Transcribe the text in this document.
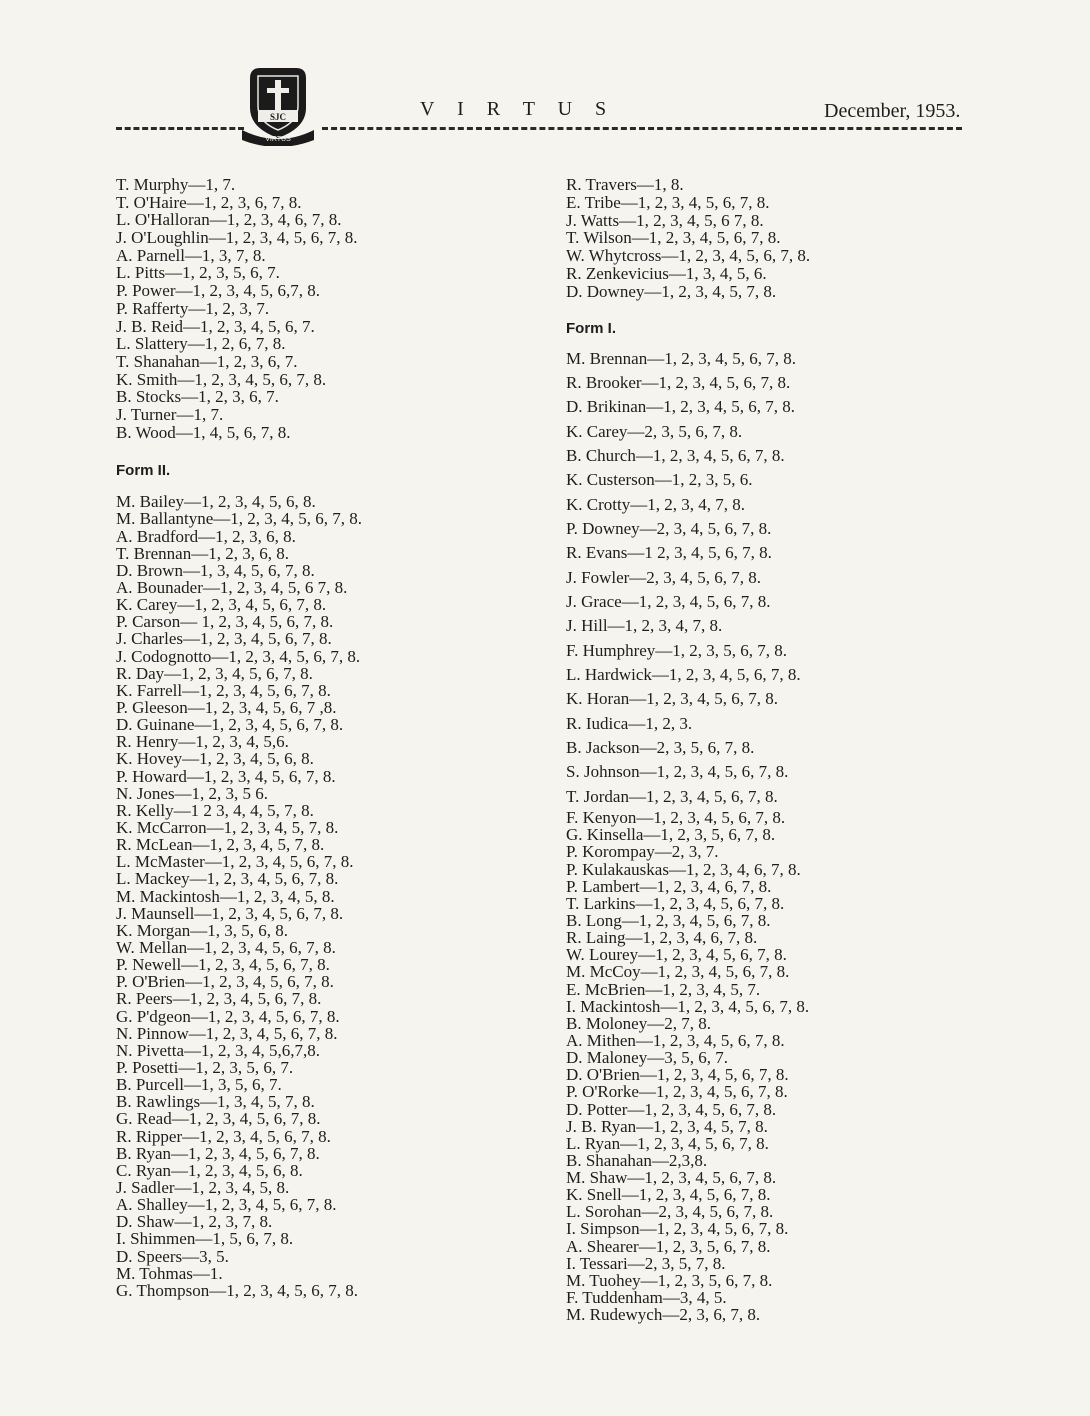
SJC
VIRTUS
V I R T U S	December, 1953.
T. Murphy—1, 7.
T. O'Haire—1, 2, 3, 6, 7, 8.
L. O'Halloran—1, 2, 3, 4, 6, 7, 8.
J. O'Loughlin—1, 2, 3, 4, 5, 6, 7, 8.
A. Parnell—1, 3, 7, 8.
L. Pitts—1, 2, 3, 5, 6, 7.
P. Power—1, 2, 3, 4, 5, 6,7, 8.
P. Rafferty—1, 2, 3, 7.
J. B. Reid—1, 2, 3, 4, 5, 6, 7.
L. Slattery—1, 2, 6, 7, 8.
T. Shanahan—1, 2, 3, 6, 7.
K. Smith—1, 2, 3, 4, 5, 6, 7, 8.
B. Stocks—1, 2, 3, 6, 7.
J. Turner—1, 7.
B. Wood—1, 4, 5, 6, 7, 8.
Form II.
M. Bailey—1, 2, 3, 4, 5, 6, 8.
M. Ballantyne—1, 2, 3, 4, 5, 6, 7, 8.
A. Bradford—1, 2, 3, 6, 8.
T. Brennan—1, 2, 3, 6, 8.
D. Brown—1, 3, 4, 5, 6, 7, 8.
A. Bounader—1, 2, 3, 4, 5, 6 7, 8.
K. Carey—1, 2, 3, 4, 5, 6, 7, 8.
P. Carson— 1, 2, 3, 4, 5, 6, 7, 8.
J. Charles—1, 2, 3, 4, 5, 6, 7, 8.
J. Codognotto—1, 2, 3, 4, 5, 6, 7, 8.
R. Day—1, 2, 3, 4, 5, 6, 7, 8.
K. Farrell—1, 2, 3, 4, 5, 6, 7, 8.
P. Gleeson—1, 2, 3, 4, 5, 6, 7 ,8.
D. Guinane—1, 2, 3, 4, 5, 6, 7, 8.
R. Henry—1, 2, 3, 4, 5,6.
K. Hovey—1, 2, 3, 4, 5, 6, 8.
P. Howard—1, 2, 3, 4, 5, 6, 7, 8.
N. Jones—1, 2, 3, 5 6.
R. Kelly—1 2 3, 4, 4, 5, 7, 8.
K. McCarron—1, 2, 3, 4, 5, 7, 8.
R. McLean—1, 2, 3, 4, 5, 7, 8.
L. McMaster—1, 2, 3, 4, 5, 6, 7, 8.
L. Mackey—1, 2, 3, 4, 5, 6, 7, 8.
M. Mackintosh—1, 2, 3, 4, 5, 8.
J. Maunsell—1, 2, 3, 4, 5, 6, 7, 8.
K. Morgan—1, 3, 5, 6, 8.
W. Mellan—1, 2, 3, 4, 5, 6, 7, 8.
P. Newell—1, 2, 3, 4, 5, 6, 7, 8.
P. O'Brien—1, 2, 3, 4, 5, 6, 7, 8.
R. Peers—1, 2, 3, 4, 5, 6, 7, 8.
G. P'dgeon—1, 2, 3, 4, 5, 6, 7, 8.
N. Pinnow—1, 2, 3, 4, 5, 6, 7, 8.
N. Pivetta—1, 2, 3, 4, 5,6,7,8.
P. Posetti—1, 2, 3, 5, 6, 7.
B. Purcell—1, 3, 5, 6, 7.
B. Rawlings—1, 3, 4, 5, 7, 8.
G. Read—1, 2, 3, 4, 5, 6, 7, 8.
R. Ripper—1, 2, 3, 4, 5, 6, 7, 8.
B. Ryan—1, 2, 3, 4, 5, 6, 7, 8.
C. Ryan—1, 2, 3, 4, 5, 6, 8.
J. Sadler—1, 2, 3, 4, 5, 8.
A. Shalley—1, 2, 3, 4, 5, 6, 7, 8.
D. Shaw—1, 2, 3, 7, 8.
I. Shimmen—1, 5, 6, 7, 8.
D. Speers—3, 5.
M. Tohmas—1.
G. Thompson—1, 2, 3, 4, 5, 6, 7, 8.
R. Travers—1, 8.
E. Tribe—1, 2, 3, 4, 5, 6, 7, 8.
J. Watts—1, 2, 3, 4, 5, 6 7, 8.
T. Wilson—1, 2, 3, 4, 5, 6, 7, 8.
W. Whytcross—1, 2, 3, 4, 5, 6, 7, 8.
R. Zenkevicius—1, 3, 4, 5, 6.
D. Downey—1, 2, 3, 4, 5, 7, 8.
Form I.
M. Brennan—1, 2, 3, 4, 5, 6, 7, 8.
R. Brooker—1, 2, 3, 4, 5, 6, 7, 8.
D. Brikinan—1, 2, 3, 4, 5, 6, 7, 8.
K. Carey—2, 3, 5, 6, 7, 8.
B. Church—1, 2, 3, 4, 5, 6, 7, 8.
K. Custerson—1, 2, 3, 5, 6.
K. Crotty—1, 2, 3, 4, 7, 8.
P. Downey—2, 3, 4, 5, 6, 7, 8.
R. Evans—1 2, 3, 4, 5, 6, 7, 8.
J. Fowler—2, 3, 4, 5, 6, 7, 8.
J. Grace—1, 2, 3, 4, 5, 6, 7, 8.
J. Hill—1, 2, 3, 4, 7, 8.
F. Humphrey—1, 2, 3, 5, 6, 7, 8.
L. Hardwick—1, 2, 3, 4, 5, 6, 7, 8.
K. Horan—1, 2, 3, 4, 5, 6, 7, 8.
R. Iudica—1, 2, 3.
B. Jackson—2, 3, 5, 6, 7, 8.
S. Johnson—1, 2, 3, 4, 5, 6, 7, 8.
T. Jordan—1, 2, 3, 4, 5, 6, 7, 8.
F. Kenyon—1, 2, 3, 4, 5, 6, 7, 8.
G. Kinsella—1, 2, 3, 5, 6, 7, 8.
P. Korompay—2, 3, 7.
P. Kulakauskas—1, 2, 3, 4, 6, 7, 8.
P. Lambert—1, 2, 3, 4, 6, 7, 8.
T. Larkins—1, 2, 3, 4, 5, 6, 7, 8.
B. Long—1, 2, 3, 4, 5, 6, 7, 8.
R. Laing—1, 2, 3, 4, 6, 7, 8.
W. Lourey—1, 2, 3, 4, 5, 6, 7, 8.
M. McCoy—1, 2, 3, 4, 5, 6, 7, 8.
E. McBrien—1, 2, 3, 4, 5, 7.
I. Mackintosh—1, 2, 3, 4, 5, 6, 7, 8.
B. Moloney—2, 7, 8.
A. Mithen—1, 2, 3, 4, 5, 6, 7, 8.
D. Maloney—3, 5, 6, 7.
D. O'Brien—1, 2, 3, 4, 5, 6, 7, 8.
P. O'Rorke—1, 2, 3, 4, 5, 6, 7, 8.
D. Potter—1, 2, 3, 4, 5, 6, 7, 8.
J. B. Ryan—1, 2, 3, 4, 5, 7, 8.
L. Ryan—1, 2, 3, 4, 5, 6, 7, 8.
B. Shanahan—2,3,8.
M. Shaw—1, 2, 3, 4, 5, 6, 7, 8.
K. Snell—1, 2, 3, 4, 5, 6, 7, 8.
L. Sorohan—2, 3, 4, 5, 6, 7, 8.
I. Simpson—1, 2, 3, 4, 5, 6, 7, 8.
A. Shearer—1, 2, 3, 5, 6, 7, 8.
I. Tessari—2, 3, 5, 7, 8.
M. Tuohey—1, 2, 3, 5, 6, 7, 8.
F. Tuddenham—3, 4, 5.
M. Rudewych—2, 3, 6, 7, 8.
